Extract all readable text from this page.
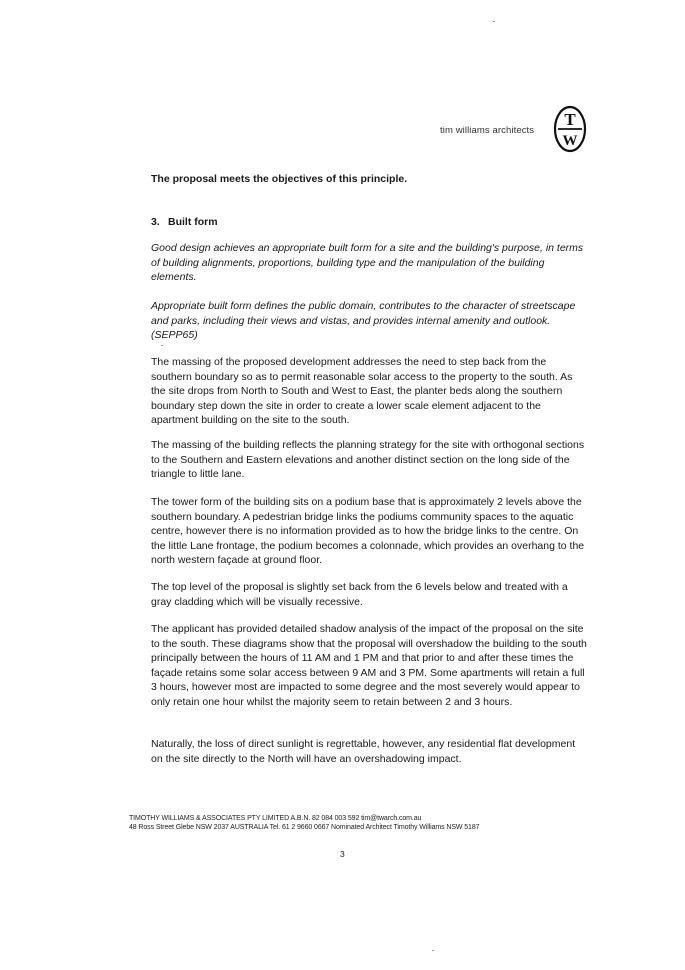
tim williams architects
T
W
The proposal meets the objectives of this principle.
3. Built form

Good design achieves an appropriate built form for a site and the building's purpose, in terms of building alignments, proportions, building type and the manipulation of the building elements.

Appropriate built form defines the public domain, contributes to the character of streetscape and parks, including their views and vistas, and provides internal amenity and outlook.(SEPP65)

The massing of the proposed development addresses the need to step back from the southern boundary so as to permit reasonable solar access to the property to the south. As the site drops from North to South and West to East, the planter beds along the southern boundary step down the site in order to create a lower scale element adjacent to the apartment building on the site to the south.

The massing of the building reflects the planning strategy for the site with orthogonal sections to the Southern and Eastern elevations and another distinct section on the long side of the triangle to little lane.

The tower form of the building sits on a podium base that is approximately 2 levels above the southern boundary. A pedestrian bridge links the podiums community spaces to the aquatic centre, however there is no information provided as to how the bridge links to the centre. On the little Lane frontage, the podium becomes a colonnade, which provides an overhang to the north western façade at ground floor.

The top level of the proposal is slightly set back from the 6 levels below and treated with a gray cladding which will be visually recessive.

The applicant has provided detailed shadow analysis of the impact of the proposal on the site to the south. These diagrams show that the proposal will overshadow the building to the south principally between the hours of 11 AM and 1 PM and that prior to and after these times the façade retains some solar access between 9 AM and 3 PM. Some apartments will retain a full 3 hours, however most are impacted to some degree and the most severely would appear to only retain one hour whilst the majority seem to retain between 2 and 3 hours.

Naturally, the loss of direct sunlight is regrettable, however, any residential flat development on the site directly to the North will have an overshadowing impact.

TIMOTHY WILLIAMS & ASSOCIATES PTY LIMITED A.B.N. 82 084 003 592 tim@twarch.com.au
48 Ross Street Glebe NSW 2037 AUSTRALIA Tel. 61 2 9660 0667 Nominated Architect Timothy Williams NSW 5187
3
